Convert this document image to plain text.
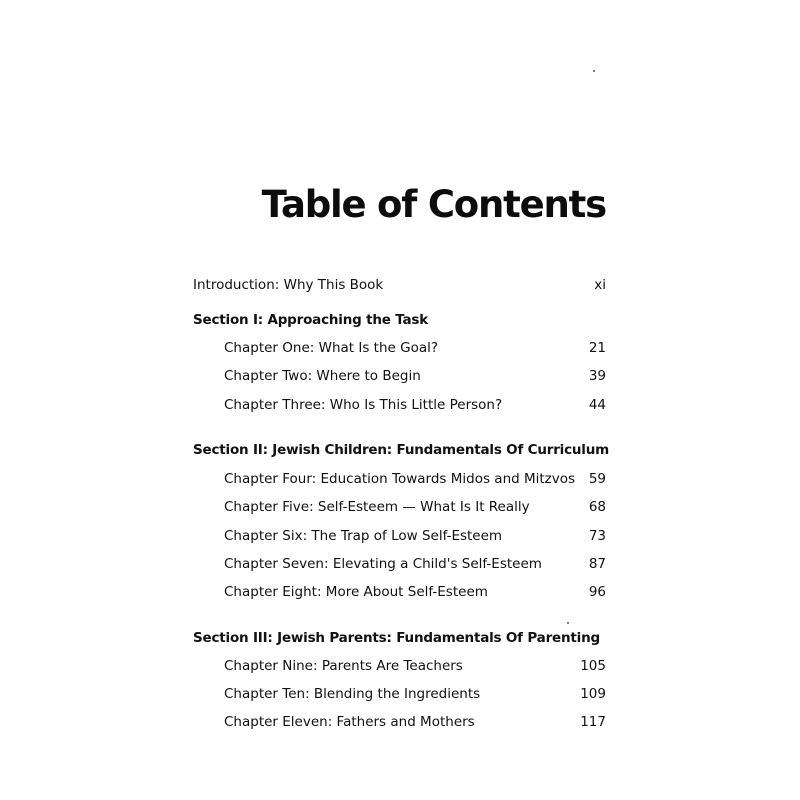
Table of Contents
Introduction: Why This Book	xi
Section I: Approaching the Task
Chapter One: What Is the Goal?	21
Chapter Two: Where to Begin	39
Chapter Three: Who Is This Little Person?	44
Section II: Jewish Children: Fundamentals Of Curriculum
Chapter Four: Education Towards Midos and Mitzvos	59
Chapter Five: Self-Esteem — What Is It Really	68
Chapter Six: The Trap of Low Self-Esteem	73
Chapter Seven: Elevating a Child's Self-Esteem	87
Chapter Eight: More About Self-Esteem	96
Section III: Jewish Parents: Fundamentals Of Parenting
Chapter Nine: Parents Are Teachers	105
Chapter Ten: Blending the Ingredients	109
Chapter Eleven: Fathers and Mothers	117
